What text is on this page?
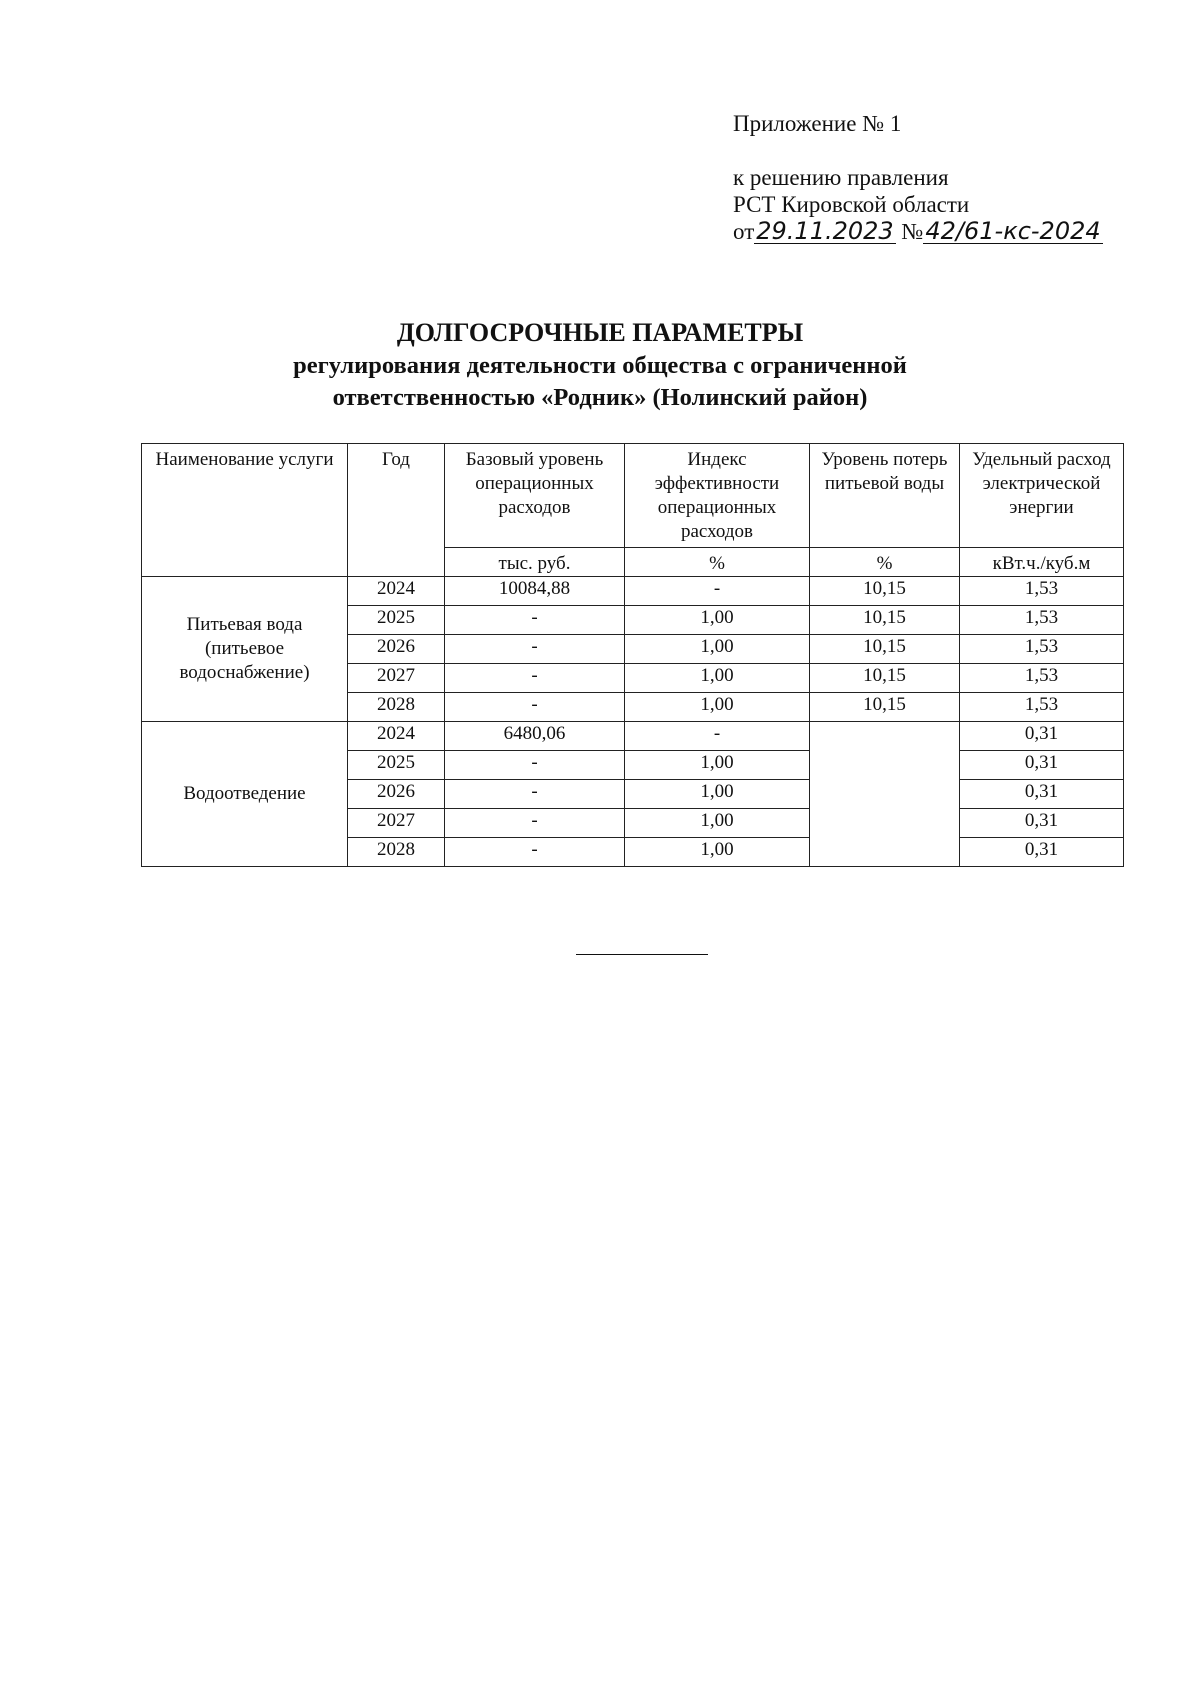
Приложение № 1
к решению правления
РСТ Кировской области
от29.11.2023 №42/61-кс-2024
ДОЛГОСРОЧНЫЕ ПАРАМЕТРЫ
регулирования деятельности общества с ограниченной
ответственностью «Родник» (Нолинский район)
Наименование услуги	Год	Базовый уровень операционных расходов	Индекс эффективности операционных расходов	Уровень потерь питьевой воды	Удельный расход электрической энергии
		тыс. руб.	%	%	кВт.ч./куб.м
Питьевая вода (питьевое водоснабжение)	2024	10084,88	-	10,15	1,53
	2025	-	1,00	10,15	1,53
	2026	-	1,00	10,15	1,53
	2027	-	1,00	10,15	1,53
	2028	-	1,00	10,15	1,53
Водоотведение	2024	6480,06	-		0,31
	2025	-	1,00		0,31
	2026	-	1,00		0,31
	2027	-	1,00		0,31
	2028	-	1,00		0,31
